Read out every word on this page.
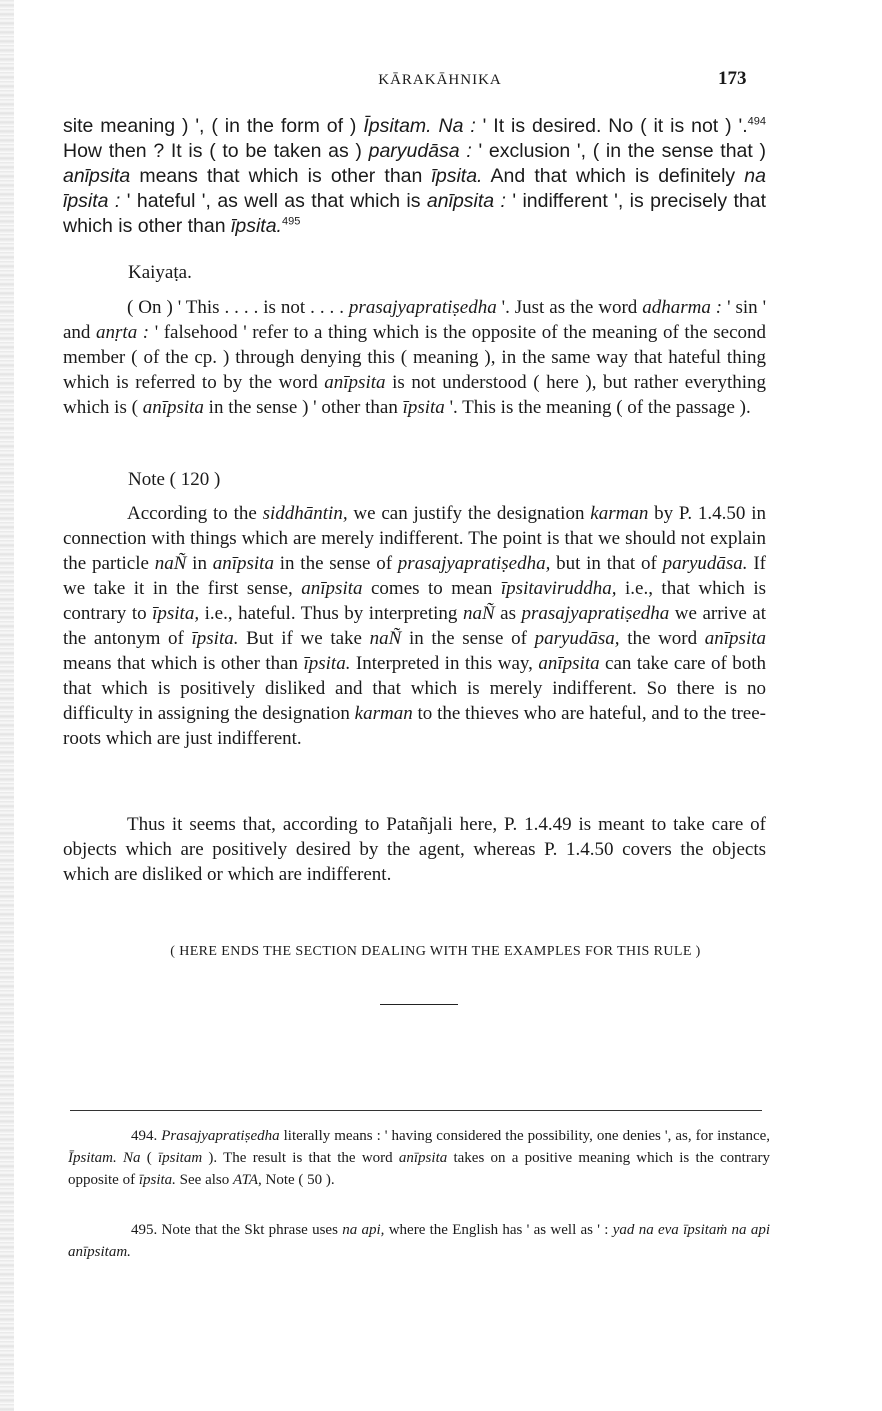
KĀRAKĀHNIKA	173

site meaning ) ', ( in the form of ) Īpsitam. Na : ' It is desired. No ( it is not ) '.$^{494}$ How then ? It is ( to be taken as ) paryudāsa : ' exclusion ', ( in the sense that ) anīpsita means that which is other than īpsita. And that which is definitely na īpsita : ' hateful ', as well as that which is anīpsita : ' indifferent ', is precisely that which is other than īpsita.$^{495}$

Kaiyaṭa.

( On ) ' This . . . . is not . . . . prasajyapratiṣedha '. Just as the word adharma : ' sin ' and anṛta : ' falsehood ' refer to a thing which is the opposite of the meaning of the second member ( of the cp. ) through denying this ( meaning ), in the same way that hateful thing which is referred to by the word anīpsita is not understood ( here ), but rather everything which is ( anīpsita in the sense ) ' other than īpsita '. This is the meaning ( of the passage ).

Note ( 120 )

According to the siddhāntin, we can justify the designation karman by P. 1.4.50 in connection with things which are merely indifferent. The point is that we should not explain the particle naÑ in anīpsita in the sense of prasajyapratiṣedha, but in that of paryudāsa. If we take it in the first sense, anīpsita comes to mean īpsitaviruddha, i.e., that which is contrary to īpsita, i.e., hateful. Thus by interpreting naÑ as prasajyapratiṣedha we arrive at the antonym of īpsita. But if we take naÑ in the sense of paryudāsa, the word anīpsita means that which is other than īpsita. Interpreted in this way, anīpsita can take care of both that which is positively disliked and that which is merely indifferent. So there is no difficulty in assigning the designation karman to the thieves who are hateful, and to the tree-roots which are just indifferent.

Thus it seems that, according to Patañjali here, P. 1.4.49 is meant to take care of objects which are positively desired by the agent, whereas P. 1.4.50 covers the objects which are disliked or which are indifferent.

( HERE ENDS THE SECTION DEALING WITH THE EXAMPLES FOR THIS RULE )

494. Prasajyapratiṣedha literally means : ' having considered the possibility, one denies ', as, for instance, Īpsitam. Na ( īpsitam ). The result is that the word anīpsita takes on a positive meaning which is the contrary opposite of īpsita. See also ATA, Note ( 50 ).

495. Note that the Skt phrase uses na api, where the English has ' as well as ' : yad na eva īpsitaṁ na api anīpsitam.
